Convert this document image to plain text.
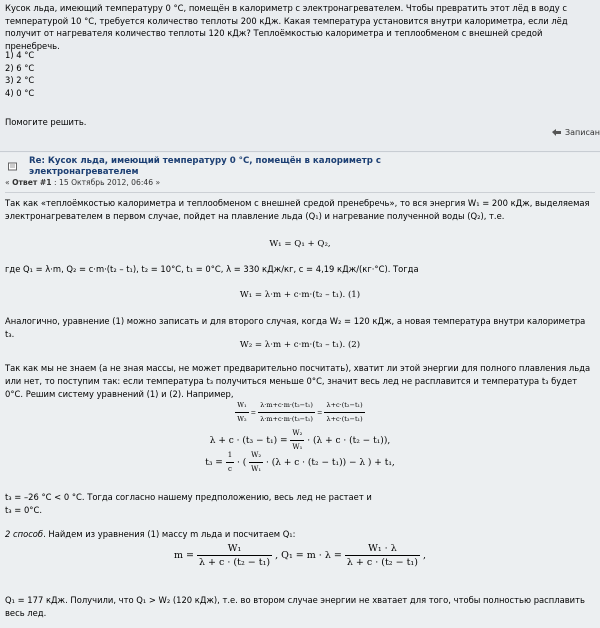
Кусок льда, имеющий температуру 0 °С, помещён в калориметр с электронагревателем. Чтобы превратить этот лёд в воду с температурой 10 °С, требуется количество теплоты 200 кДж. Какая температура установится внутри калориметра, если лёд получит от нагревателя количество теплоты 120 кДж? Теплоёмкостью калориметра и теплообменом с внешней средой пренебречь.
1) 4 °С
2) 6 °С
3) 2 °С
4) 0 °С
Помогите решить.
Записан
Re: Кусок льда, имеющий температуру 0 °С, помещён в калориметр с электронагревателем
« Ответ #1 : 15 Октябрь 2012, 06:46 »
Так как «теплоёмкостью калориметра и теплообменом с внешней средой пренебречь», то вся энергия W₁ = 200 кДж, выделяемая электронагревателем в первом случае, пойдет на плавление льда (Q₁) и нагревание полученной воды (Q₂), т.е.
W₁ = Q₁ + Q₂,
где Q₁ = λ·m, Q₂ = c·m·(t₂ – t₁), t₂ = 10°С, t₁ = 0°С, λ = 330 кДж/кг, c = 4,19 кДж/(кг·°С). Тогда
W₁ = λ·m + c·m·(t₂ – t₁). (1)
Аналогично, уравнение (1) можно записать и для второго случая, когда W₂ = 120 кДж, а новая температура внутри калориметра t₃.
W₂ = λ·m + c·m·(t₃ – t₁). (2)
Так как мы не знаем (а не зная массы, не может предварительно посчитать), хватит ли этой энергии для полного плавления льда или нет, то поступим так: если температура t₃ получиться меньше 0°С, значит весь лед не расплавится и температура t₃ будет 0°С. Решим систему уравнений (1) и (2). Например,
$\frac{\text{W₁}}{\text{W₂}} = \frac{\text{λ·m+c·m·(t₂−t₁)}}{\text{λ·m+c·m·(t₃−t₁)}} = \frac{\text{λ+c·(t₂−t₁)}}{\text{λ+c·(t₃−t₁)}}$
$\lambda + c \cdot (t_3 - t_1) = \frac{\text{W₂}}{\text{W₁}} \cdot (\lambda + c \cdot (t_2 - t_1))$,
$t_3 = \frac{1}{c}$ · ( $\frac{\text{W₂}}{\text{W₁}} \cdot (\lambda + c \cdot (t_2 - t_1)) - \lambda$ ) + t₁,
t₃ = –26 °С < 0 °С. Тогда согласно нашему предположению, весь лед не растает и
t₃ = 0°С.
2 способ. Найдем из уравнения (1) массу m льда и посчитаем Q₁:
$m = \frac{\text{W₁}}{\text{λ + c · (t₂ − t₁)}}$ , $Q_1 = m \cdot \lambda = \frac{\text{W₁ · λ}}{\text{λ + c · (t₂ − t₁)}}$ ,
Q₁ = 177 кДж. Получили, что Q₁ > W₂ (120 кДж), т.е. во втором случае энергии не хватает для того, чтобы полностью расплавить весь лед.
